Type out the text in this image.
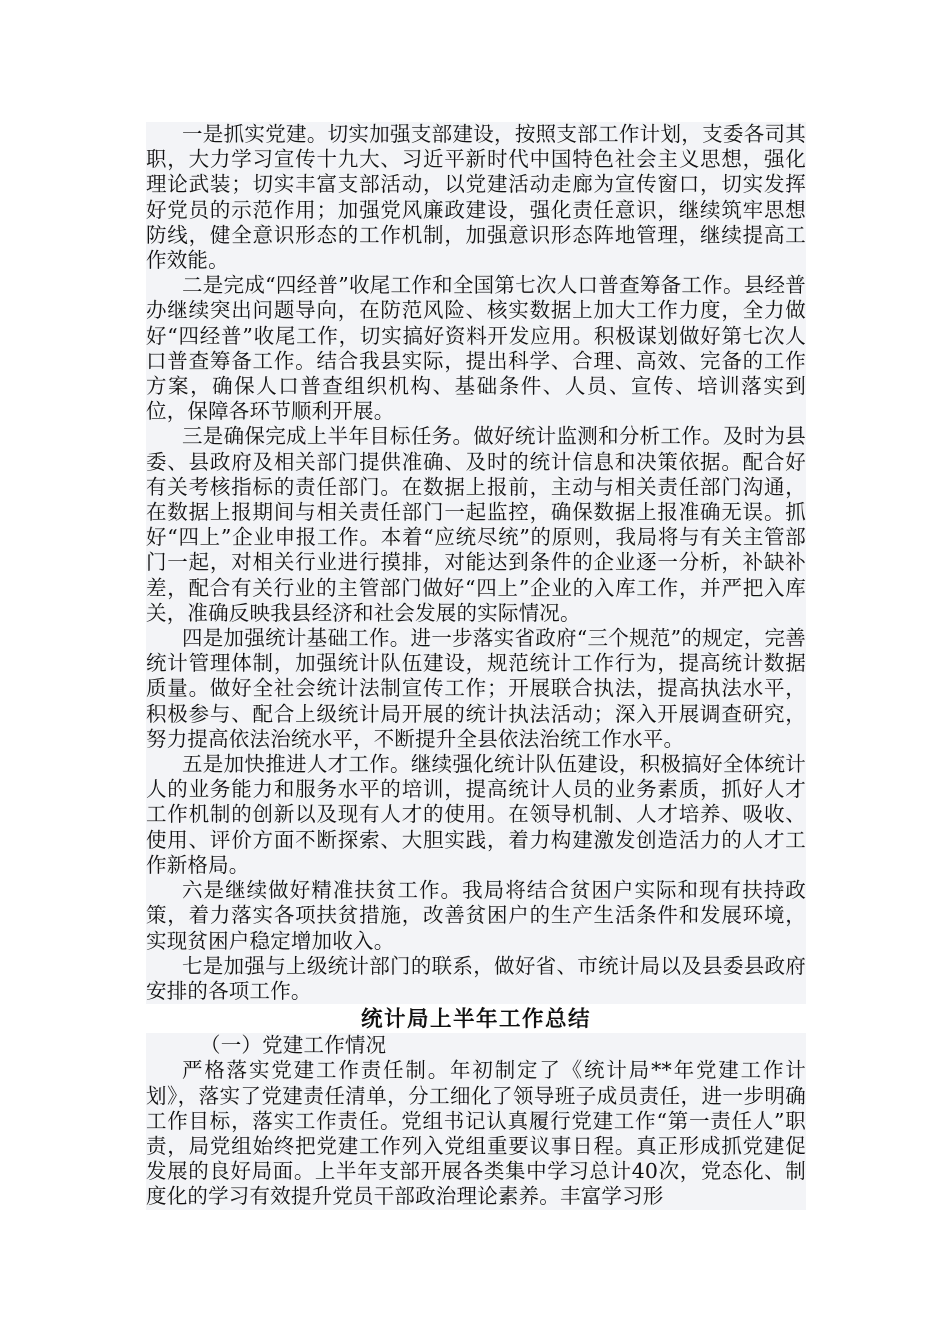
一是抓实党建。切实加强支部建设，按照支部工作计划，支委各司其职，大力学习宣传十九大、习近平新时代中国特色社会主义思想，强化理论武装；切实丰富支部活动，以党建活动走廊为宣传窗口，切实发挥好党员的示范作用；加强党风廉政建设，强化责任意识，继续筑牢思想防线，健全意识形态的工作机制，加强意识形态阵地管理，继续提高工作效能。

二是完成“四经普”收尾工作和全国第七次人口普查筹备工作。县经普办继续突出问题导向，在防范风险、核实数据上加大工作力度，全力做好“四经普”收尾工作，切实搞好资料开发应用。积极谋划做好第七次人口普查筹备工作。结合我县实际，提出科学、合理、高效、完备的工作方案，确保人口普查组织机构、基础条件、人员、宣传、培训落实到位，保障各环节顺利开展。

三是确保完成上半年目标任务。做好统计监测和分析工作。及时为县委、县政府及相关部门提供准确、及时的统计信息和决策依据。配合好有关考核指标的责任部门。在数据上报前，主动与相关责任部门沟通，在数据上报期间与相关责任部门一起监控，确保数据上报准确无误。抓好“四上”企业申报工作。本着“应统尽统”的原则，我局将与有关主管部门一起，对相关行业进行摸排，对能达到条件的企业逐一分析，补缺补差，配合有关行业的主管部门做好“四上”企业的入库工作，并严把入库关，准确反映我县经济和社会发展的实际情况。

四是加强统计基础工作。进一步落实省政府“三个规范”的规定，完善统计管理体制，加强统计队伍建设，规范统计工作行为，提高统计数据质量。做好全社会统计法制宣传工作；开展联合执法，提高执法水平，积极参与、配合上级统计局开展的统计执法活动；深入开展调查研究，努力提高依法治统水平，不断提升全县依法治统工作水平。

五是加快推进人才工作。继续强化统计队伍建设，积极搞好全体统计人的业务能力和服务水平的培训，提高统计人员的业务素质，抓好人才工作机制的创新以及现有人才的使用。在领导机制、人才培养、吸收、使用、评价方面不断探索、大胆实践，着力构建激发创造活力的人才工作新格局。

六是继续做好精准扶贫工作。我局将结合贫困户实际和现有扶持政策，着力落实各项扶贫措施，改善贫困户的生产生活条件和发展环境，实现贫困户稳定增加收入。

七是加强与上级统计部门的联系，做好省、市统计局以及县委县政府安排的各项工作。

统计局上半年工作总结
（一）党建工作情况

严格落实党建工作责任制。年初制定了《统计局**年党建工作计划》，落实了党建责任清单，分工细化了领导班子成员责任，进一步明确工作目标，落实工作责任。党组书记认真履行党建工作“第一责任人”职责，局党组始终把党建工作列入党组重要议事日程。真正形成抓党建促发展的良好局面。上半年支部开展各类集中学习总计40次，党态化、制度化的学习有效提升党员干部政治理论素养。丰富学习形
